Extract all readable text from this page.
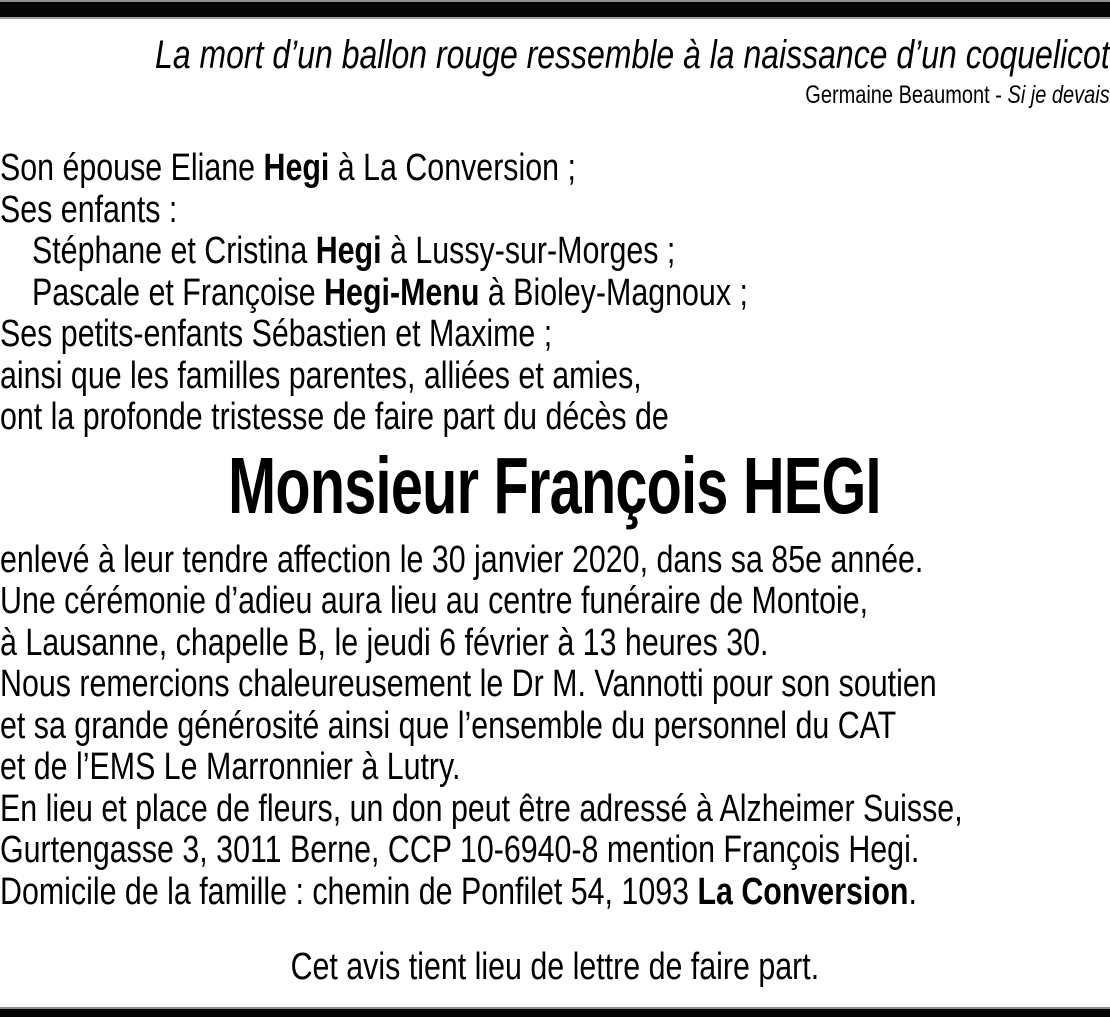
La mort d’un ballon rouge ressemble à la naissance d’un coquelicot
Germaine Beaumont - Si je devais
Son épouse Eliane Hegi à La Conversion ;
Ses enfants :
Stéphane et Cristina Hegi à Lussy-sur-Morges ;
Pascale et Françoise Hegi-Menu à Bioley-Magnoux ;
Ses petits-enfants Sébastien et Maxime ;
ainsi que les familles parentes, alliées et amies,
ont la profonde tristesse de faire part du décès de
Monsieur François HEGI
enlevé à leur tendre affection le 30 janvier 2020, dans sa 85e année.
Une cérémonie d’adieu aura lieu au centre funéraire de Montoie,
à Lausanne, chapelle B, le jeudi 6 février à 13 heures 30.
Nous remercions chaleureusement le Dr M. Vannotti pour son soutien
et sa grande générosité ainsi que l’ensemble du personnel du CAT
et de l’EMS Le Marronnier à Lutry.
En lieu et place de fleurs, un don peut être adressé à Alzheimer Suisse,
Gurtengasse 3, 3011 Berne, CCP 10-6940-8 mention François Hegi.
Domicile de la famille : chemin de Ponfilet 54, 1093 La Conversion.
Cet avis tient lieu de lettre de faire part.
